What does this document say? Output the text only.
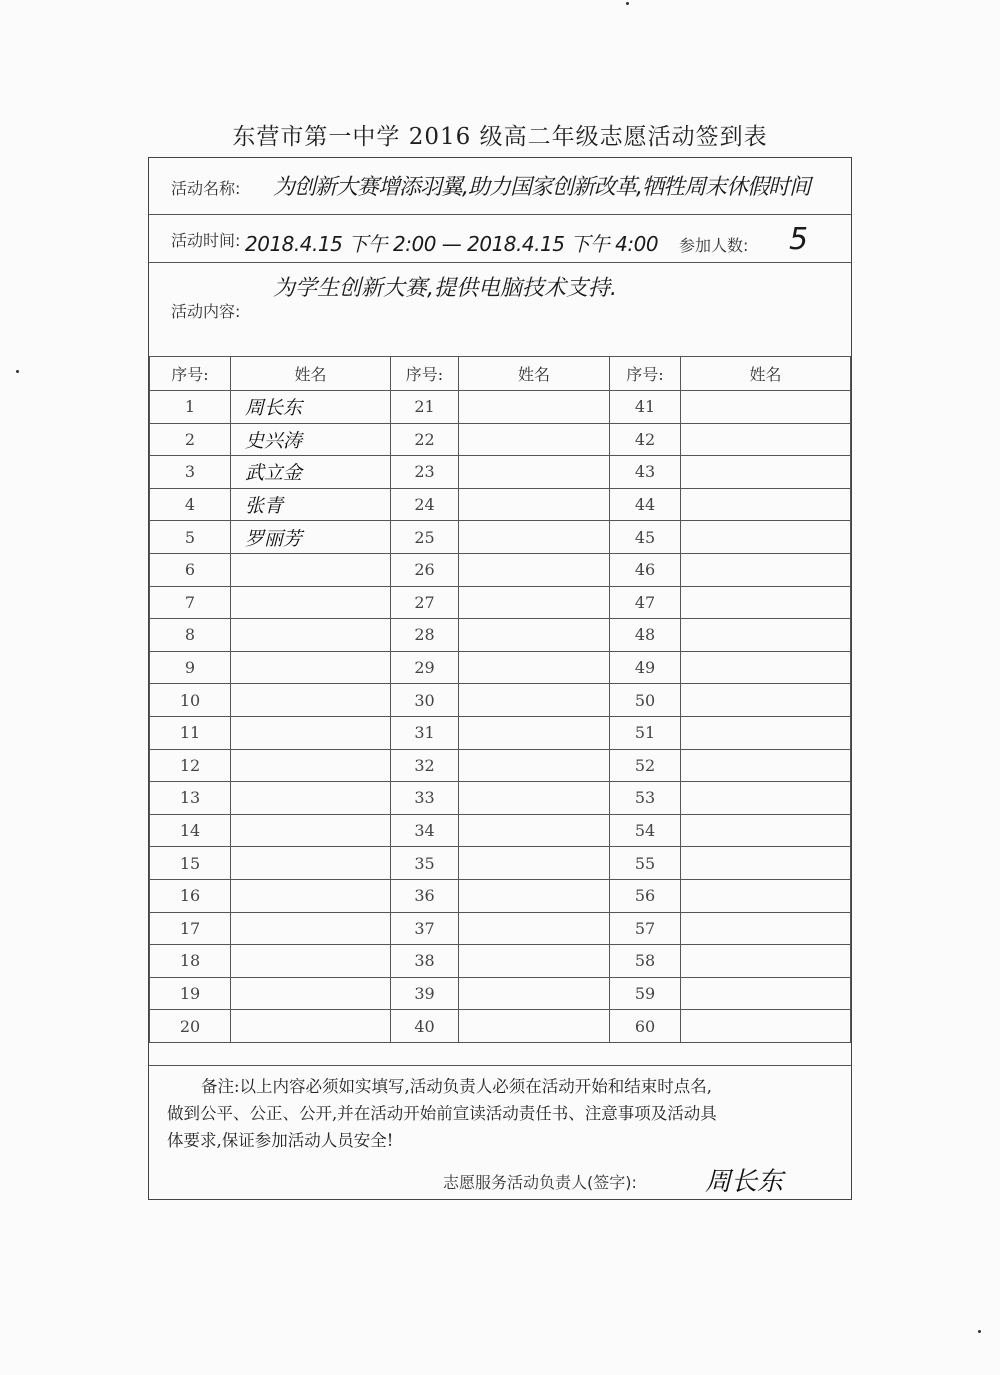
东营市第一中学 2016 级高二年级志愿活动签到表
活动名称: 为创新大赛增添羽翼,助力国家创新改革,牺牲周末休假时间
活动时间: 2018.4.15 下午 2:00 — 2018.4.15 下午 4:00 参加人数: 5
活动内容:
为学生创新大赛,提供电脑技术支持.
序号:	姓名	序号:	姓名	序号:	姓名
1	周长东	21		41	
2	史兴涛	22		42	
3	武立金	23		43	
4	张青	24		44	
5	罗丽芳	25		45	
6		26		46	
7		27		47	
8		28		48	
9		29		49	
10		30		50	
11		31		51	
12		32		52	
13		33		53	
14		34		54	
15		35		55	
16		36		56	
17		37		57	
18		38		58	
19		39		59	
20		40		60	
备注:以上内容必须如实填写,活动负责人必须在活动开始和结束时点名,
做到公平、公正、公开,并在活动开始前宣读活动责任书、注意事项及活动具
体要求,保证参加活动人员安全!
志愿服务活动负责人(签字):	周长东
